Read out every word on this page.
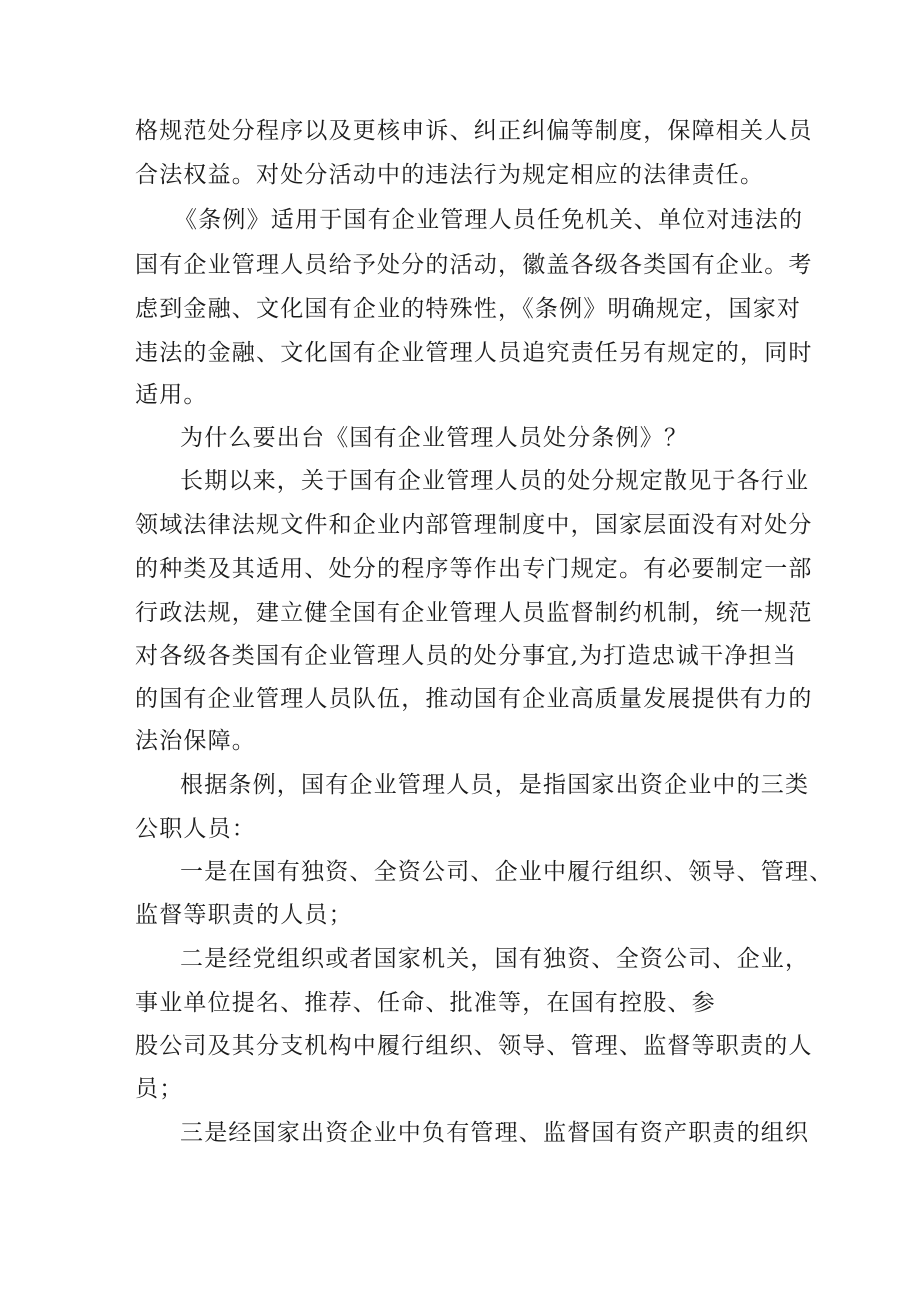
格规范处分程序以及更核申诉、纠正纠偏等制度，保障相关人员
合法权益。对处分活动中的违法行为规定相应的法律责任。
《条例》适用于国有企业管理人员任免机关、单位对违法的
国有企业管理人员给予处分的活动，徽盖各级各类国有企业。考
虑到金融、文化国有企业的特殊性，《条例》明确规定，国家对
违法的金融、文化国有企业管理人员追究责任另有规定的，同时
适用。
为什么要出台《国有企业管理人员处分条例》？
长期以来，关于国有企业管理人员的处分规定散见于各行业
领域法律法规文件和企业内部管理制度中，国家层面没有对处分
的种类及其适用、处分的程序等作出专门规定。有必要制定一部
行政法规，建立健全国有企业管理人员监督制约机制，统一规范
对各级各类国有企业管理人员的处分事宜,为打造忠诚干净担当
的国有企业管理人员队伍，推动国有企业高质量发展提供有力的
法治保障。
根据条例，国有企业管理人员，是指国家出资企业中的三类
公职人员：
一是在国有独资、全资公司、企业中履行组织、领导、管理、
监督等职责的人员；
二是经党组织或者国家机关，国有独资、全资公司、企业，
事业单位提名、推荐、任命、批准等，在国有控股、参
股公司及其分支机构中履行组织、领导、管理、监督等职责的人
员；
三是经国家出资企业中负有管理、监督国有资产职责的组织
